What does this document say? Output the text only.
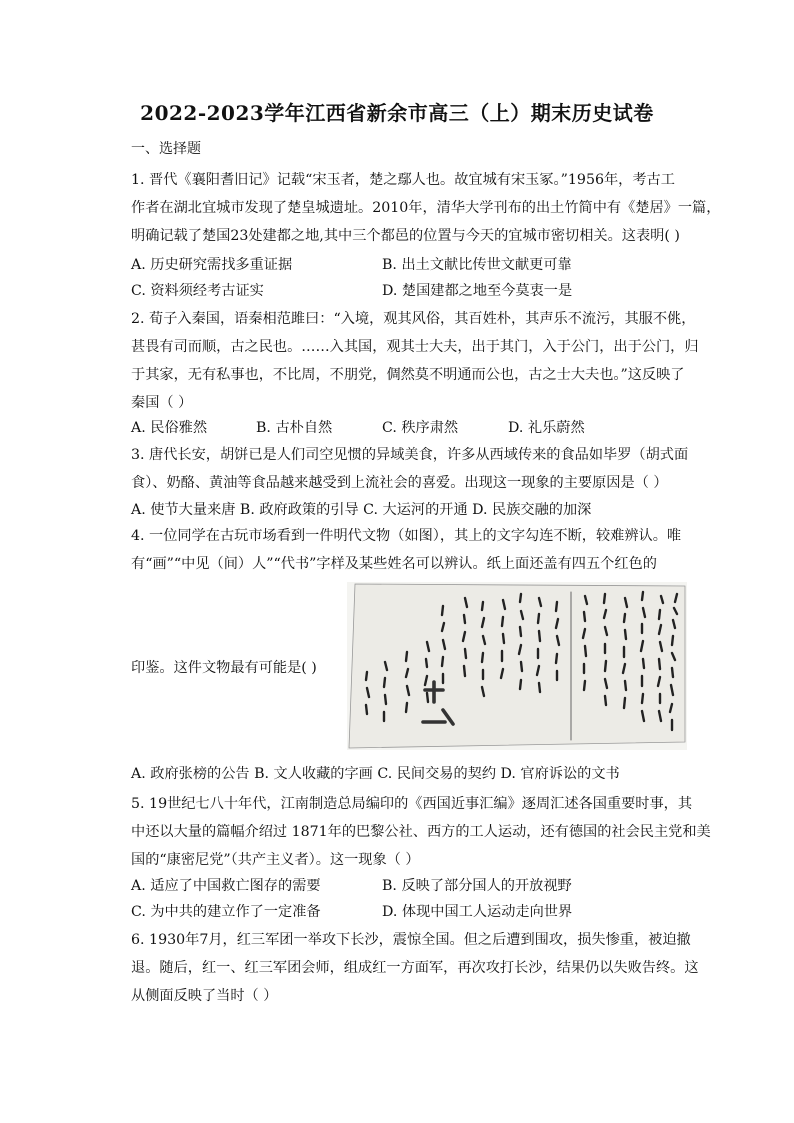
2022-2023学年江西省新余市高三（上）期末历史试卷
一、选择题
1. 晋代《襄阳耆旧记》记载“宋玉者，楚之鄢人也。故宜城有宋玉冢。”1956年，考古工
作者在湖北宜城市发现了楚皇城遗址。2010年，清华大学刊布的出土竹简中有《楚居》一篇，
明确记载了楚国23处建都之地,其中三个都邑的位置与今天的宜城市密切相关。这表明( )
A. 历史研究需找多重证据	B. 出土文献比传世文献更可靠
C. 资料须经考古证实	D. 楚国建都之地至今莫衷一是
2. 荀子入秦国，语秦相范雎曰：“入境，观其风俗，其百姓朴，其声乐不流污，其服不佻，
甚畏有司而顺，古之民也。……入其国，观其士大夫，出于其门，入于公门，出于公门，归
于其家，无有私事也，不比周，不朋党，倜然莫不明通而公也，古之士大夫也。”这反映了
秦国（ ）
A. 民俗雅然	B. 古朴自然	C. 秩序肃然	D. 礼乐蔚然
3. 唐代长安，胡饼已是人们司空见惯的异域美食，许多从西域传来的食品如毕罗（胡式面
食）、奶酪、黄油等食品越来越受到上流社会的喜爱。出现这一现象的主要原因是（ ）
A. 使节大量来唐 B. 政府政策的引导 C. 大运河的开通 D. 民族交融的加深
4. 一位同学在古玩市场看到一件明代文物（如图），其上的文字勾连不断，较难辨认。唯
有“画”“中见（间）人”“代书”字样及某些姓名可以辨认。纸上面还盖有四五个红色的
印鉴。这件文物最有可能是( )
A. 政府张榜的公告 B. 文人收藏的字画 C. 民间交易的契约 D. 官府诉讼的文书
5. 19世纪七八十年代，江南制造总局编印的《西国近事汇编》逐周汇述各国重要时事，其
中还以大量的篇幅介绍过 1871年的巴黎公社、西方的工人运动，还有德国的社会民主党和美
国的“康密尼党”（共产主义者）。这一现象（ ）
A. 适应了中国救亡图存的需要	B. 反映了部分国人的开放视野
C. 为中共的建立作了一定准备	D. 体现中国工人运动走向世界
6. 1930年7月，红三军团一举攻下长沙，震惊全国。但之后遭到围攻，损失惨重，被迫撤
退。随后，红一、红三军团会师，组成红一方面军，再次攻打长沙，结果仍以失败告终。这
从侧面反映了当时（ ）
